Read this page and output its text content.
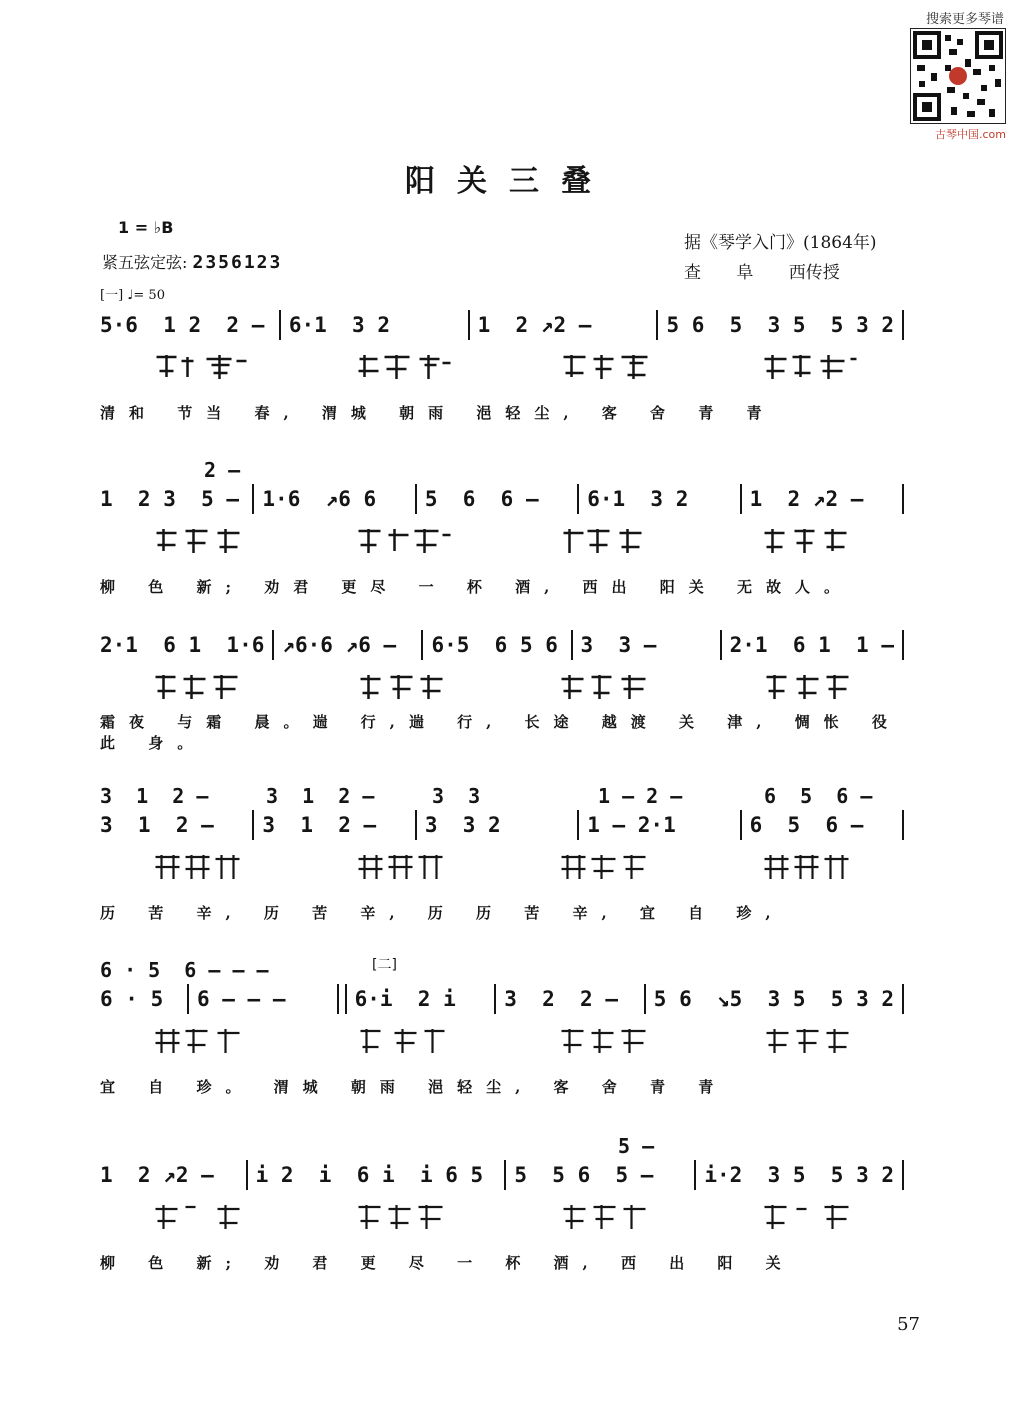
搜索更多琴谱
古琴中国.com
阳关三叠
1 = ♭B
紧五弦定弦: 2356123
[一] ♩= 50
据《琴学入门》(1864年)
查 阜 西传授
57
5·6  1 2  2 —	6·1  3 2	1  2 ↗2 —	5 6  5  3 5  5 3 2
清和 节当 春, 渭城 朝雨 浥轻尘, 客 舍 青 青
2 —
1  2 3  5 — 1·6  ↗6 6	5  6  6 —	6·1  3 2	1  2 ↗2 —
柳 色 新; 劝君 更尽 一 杯 酒, 西出 阳关 无故人。
2·1  6 1  1·6 ↗6·6 ↗6 —	6·5  6 5 6 3  3 —	2·1  6 1  1 —
霜夜 与霜 晨。遄 行,遄 行, 长途 越渡 关 津, 惆怅 役此 身。
3  1  2 —	3  1  2 —	3  3	1 — 2 —	6  5  6 —
3  1  2 —	3  1  2 —	3  3 2	1 — 2·1	6  5  6 —
历 苦 辛, 历 苦 辛, 历 历 苦 辛, 宜 自 珍,
[二]
6 · 5  6 — — —
6 · 5	6 — — —	6·i  2 i	3  2  2 —	5 6  ↘5  3 5  5 3 2
宜 自 珍。 渭城 朝雨 浥轻尘, 客 舍 青 青
5 —
1  2 ↗2 —	i 2  i  6 i  i 6 5	5  5 6  5 —	i·2  3 5  5 3 2
柳 色 新; 劝 君 更 尽 一 杯 酒, 西 出 阳 关
